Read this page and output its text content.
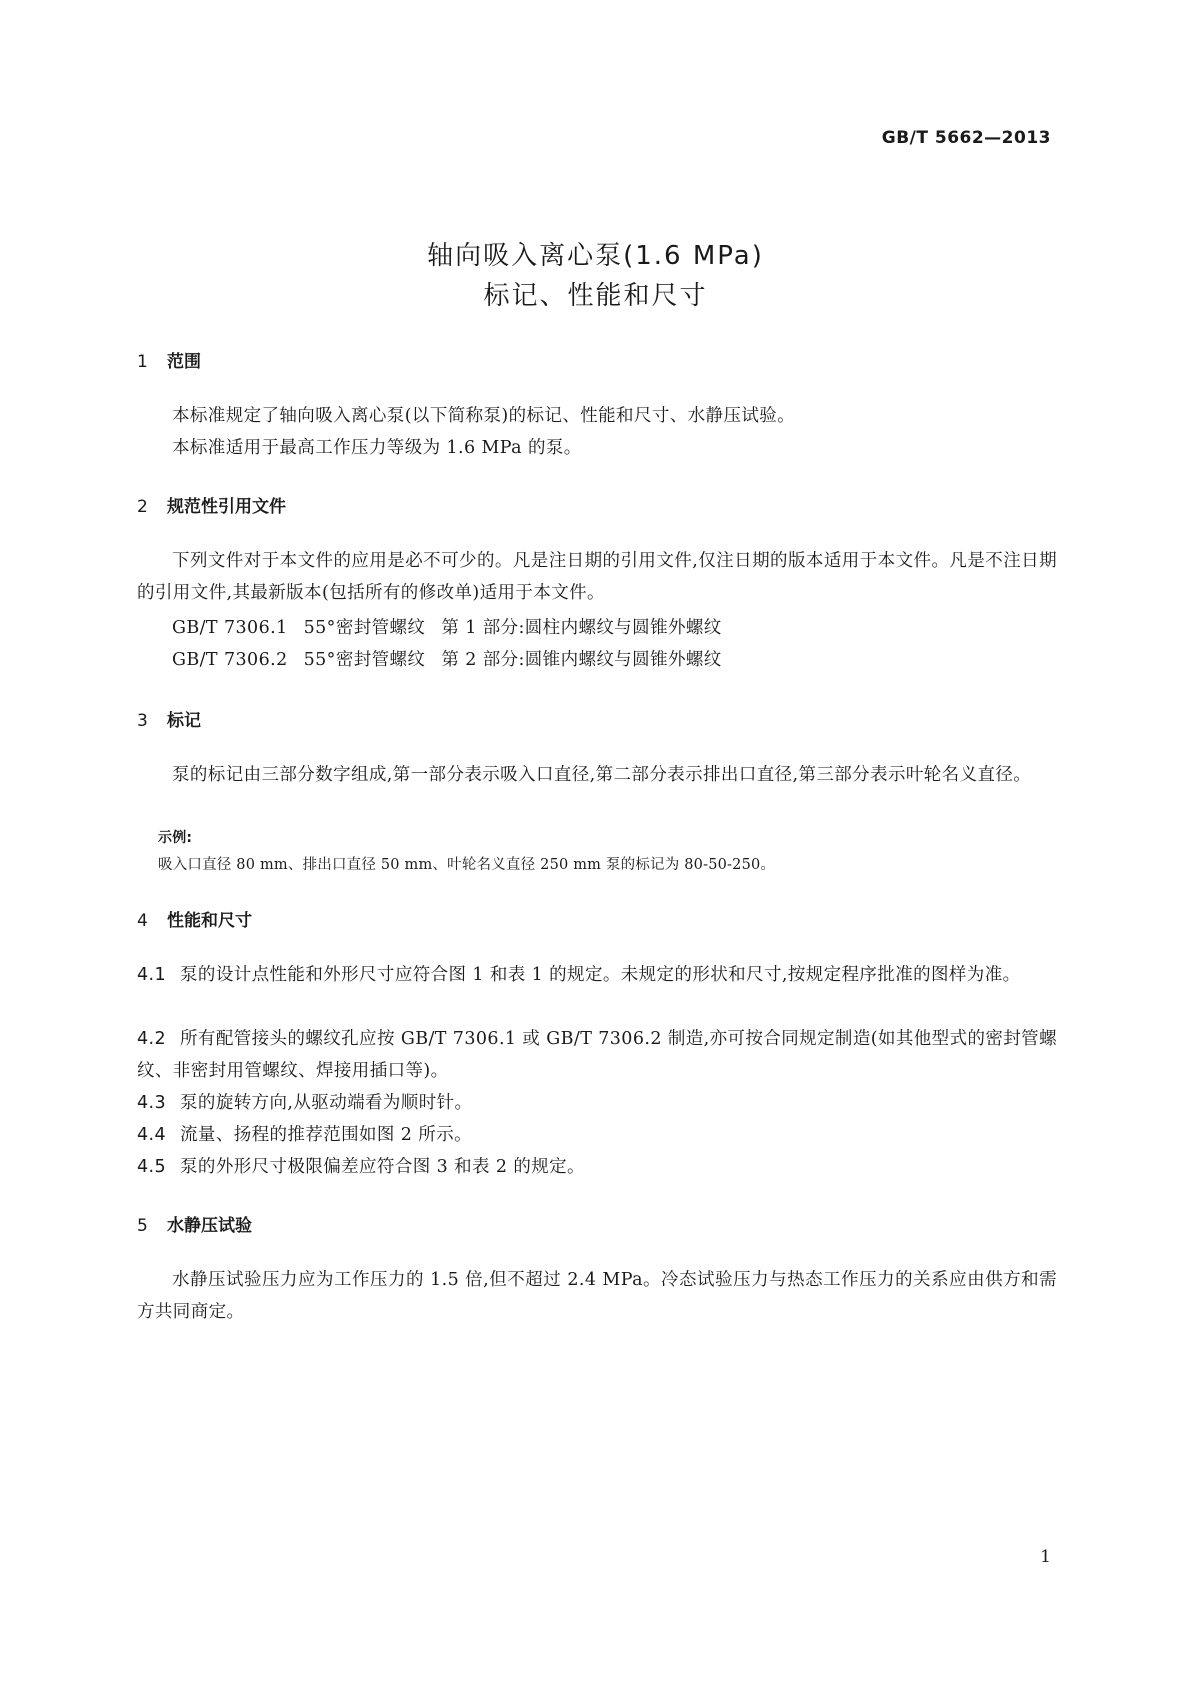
GB/T 5662—2013
轴向吸入离心泵(1.6 MPa)
标记、性能和尺寸
1 范围
本标准规定了轴向吸入离心泵(以下简称泵)的标记、性能和尺寸、水静压试验。
本标准适用于最高工作压力等级为 1.6 MPa 的泵。
2 规范性引用文件
下列文件对于本文件的应用是必不可少的。凡是注日期的引用文件,仅注日期的版本适用于本文件。凡是不注日期的引用文件,其最新版本(包括所有的修改单)适用于本文件。
GB/T 7306.1 55°密封管螺纹 第 1 部分:圆柱内螺纹与圆锥外螺纹
GB/T 7306.2 55°密封管螺纹 第 2 部分:圆锥内螺纹与圆锥外螺纹
3 标记
泵的标记由三部分数字组成,第一部分表示吸入口直径,第二部分表示排出口直径,第三部分表示叶轮名义直径。
示例:
吸入口直径 80 mm、排出口直径 50 mm、叶轮名义直径 250 mm 泵的标记为 80-50-250。
4 性能和尺寸
4.1 泵的设计点性能和外形尺寸应符合图 1 和表 1 的规定。未规定的形状和尺寸,按规定程序批准的图样为准。
4.2 所有配管接头的螺纹孔应按 GB/T 7306.1 或 GB/T 7306.2 制造,亦可按合同规定制造(如其他型式的密封管螺纹、非密封用管螺纹、焊接用插口等)。
4.3 泵的旋转方向,从驱动端看为顺时针。
4.4 流量、扬程的推荐范围如图 2 所示。
4.5 泵的外形尺寸极限偏差应符合图 3 和表 2 的规定。
5 水静压试验
水静压试验压力应为工作压力的 1.5 倍,但不超过 2.4 MPa。冷态试验压力与热态工作压力的关系应由供方和需方共同商定。
1
